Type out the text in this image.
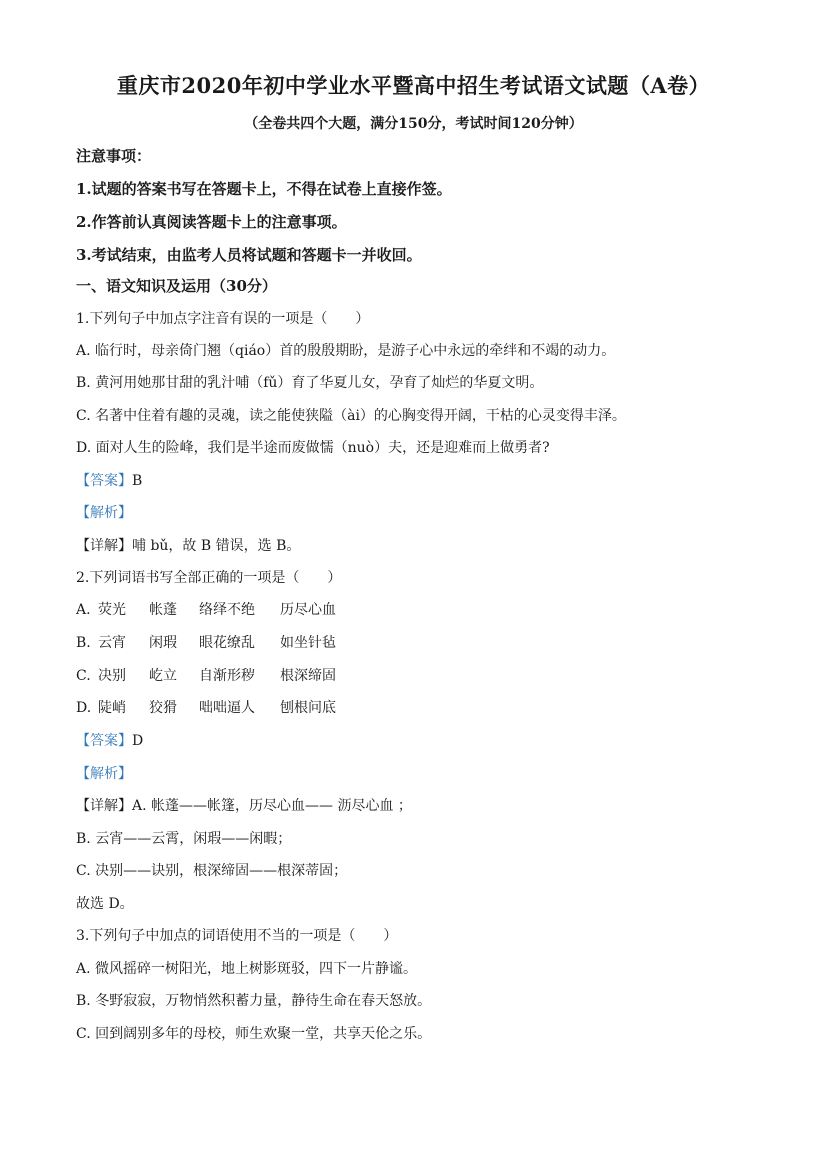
重庆市2020年初中学业水平暨高中招生考试语文试题（A卷）
（全卷共四个大题，满分150分，考试时间120分钟）
注意事项：
1.试题的答案书写在答题卡上，不得在试卷上直接作签。
2.作答前认真阅读答题卡上的注意事项。
3.考试结束，由监考人员将试题和答题卡一并收回。
一、语文知识及运用（30分）
1.下列句子中加点字注音有误的一项是（　　）
A. 临行时，母亲倚门翘（qiáo）首的殷殷期盼，是游子心中永远的牵绊和不竭的动力。
B. 黄河用她那甘甜的乳汁哺（fǔ）育了华夏儿女，孕育了灿烂的华夏文明。
C. 名著中住着有趣的灵魂，读之能使狭隘（ài）的心胸变得开阔，干枯的心灵变得丰泽。
D. 面对人生的险峰，我们是半途而废做懦（nuò）夫，还是迎难而上做勇者?
【答案】B
【解析】
【详解】哺 bǔ，故 B 错误，选 B。
2.下列词语书写全部正确的一项是（　　）
A. 荧光 帐蓬 络绎不绝 历尽心血
B. 云宵 闲瑕 眼花缭乱 如坐针毡
C. 决别 屹立 自渐形秽 根深缔固
D. 陡峭 狡猾 咄咄逼人 刨根问底
【答案】D
【解析】
【详解】A. 帐蓬——帐篷，历尽心血—— 沥尽心血 ；
B. 云宵——云霄，闲瑕——闲暇；
C. 决别——诀别，根深缔固——根深蒂固；
故选 D。
3.下列句子中加点的词语使用不当的一项是（　　）
A. 微风摇碎一树阳光，地上树影斑驳，四下一片静谧。
B. 冬野寂寂，万物悄然积蓄力量，静待生命在春天怒放。
C. 回到阔别多年的母校，师生欢聚一堂，共享天伦之乐。
